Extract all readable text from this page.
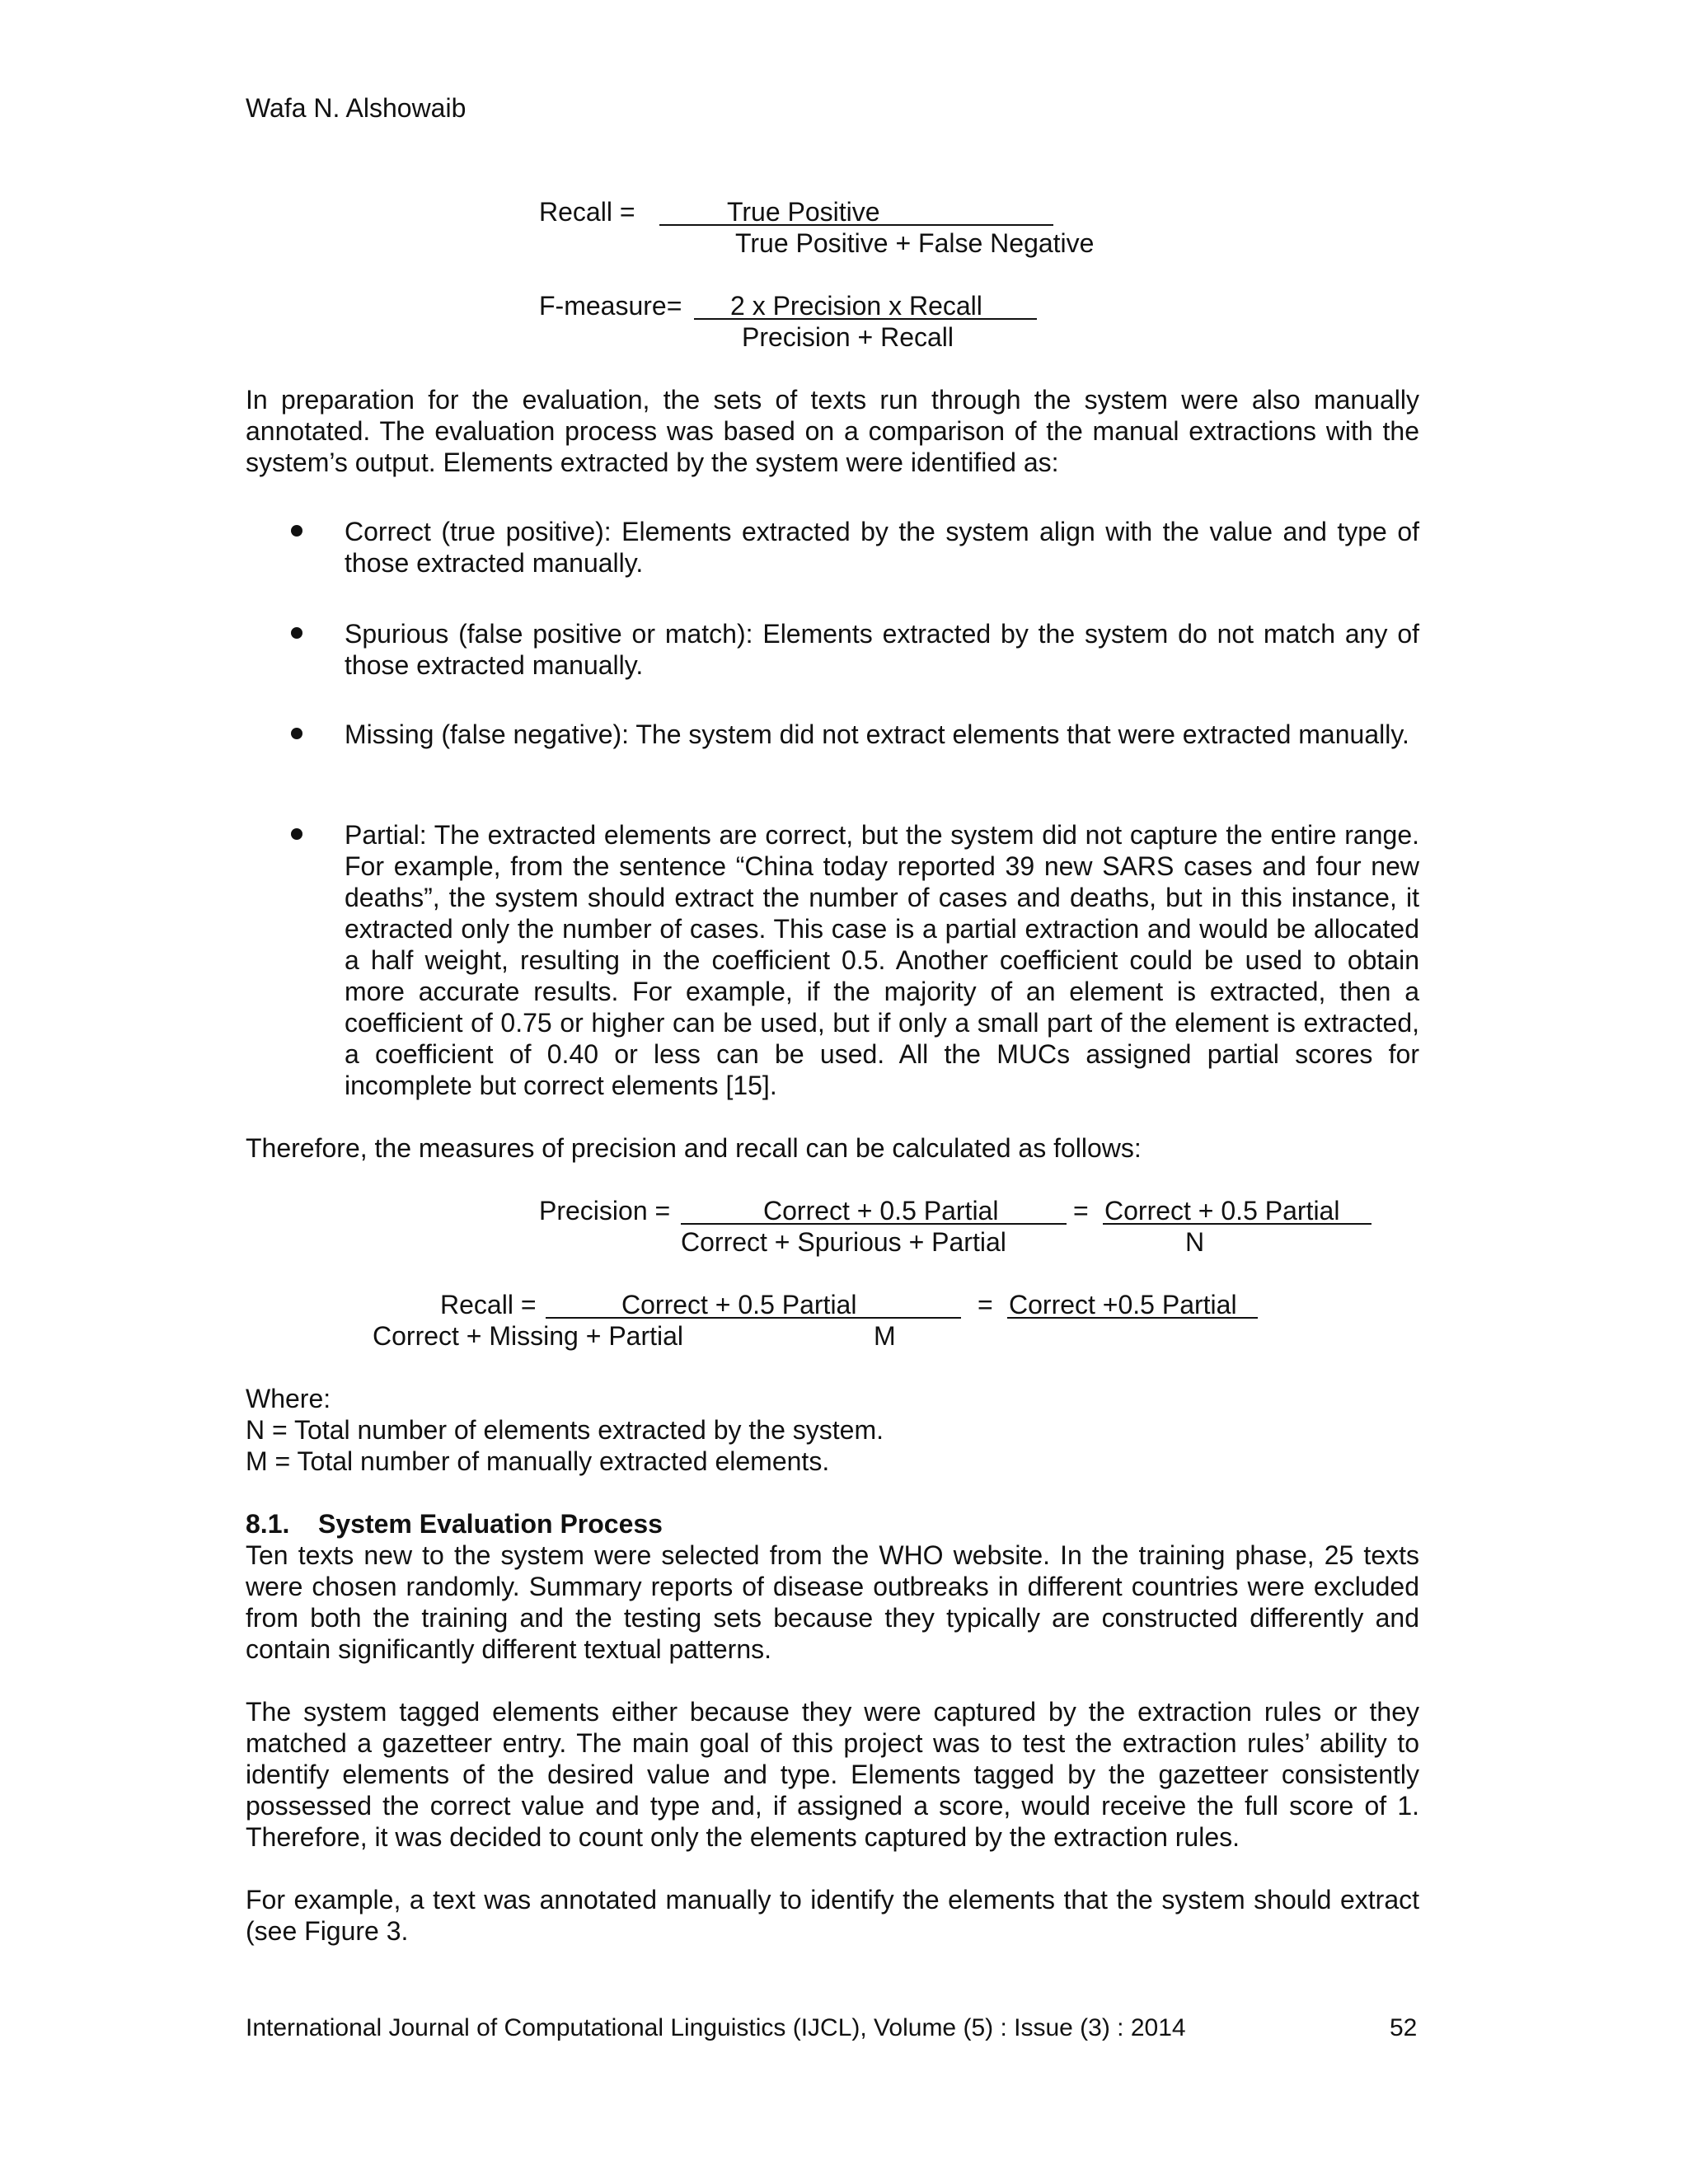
Wafa N. Alshowaib
Recall =	True Positive
True Positive + False Negative
F-measure= 2 x Precision x Recall
Precision + Recall
In preparation for the evaluation, the sets of texts run through the system were also manually annotated. The evaluation process was based on a comparison of the manual extractions with the system’s output. Elements extracted by the system were identified as:
Correct (true positive): Elements extracted by the system align with the value and type of those extracted manually.
Spurious (false positive or match): Elements extracted by the system do not match any of those extracted manually.
Missing (false negative): The system did not extract elements that were extracted manually.
Partial: The extracted elements are correct, but the system did not capture the entire range. For example, from the sentence “China today reported 39 new SARS cases and four new deaths”, the system should extract the number of cases and deaths, but in this instance, it extracted only the number of cases. This case is a partial extraction and would be allocated a half weight, resulting in the coefficient 0.5. Another coefficient could be used to obtain more accurate results. For example, if the majority of an element is extracted, then a coefficient of 0.75 or higher can be used, but if only a small part of the element is extracted, a coefficient of 0.40 or less can be used. All the MUCs assigned partial scores for incomplete but correct elements [15].
Therefore, the measures of precision and recall can be calculated as follows:
Precision =	Correct + 0.5 Partial
Correct + Spurious + Partial
= Correct + 0.5 Partial
N
Recall =	Correct + 0.5 Partial
Correct + Missing + Partial
= Correct +0.5 Partial
M
Where:
N = Total number of elements extracted by the system.
M = Total number of manually extracted elements.
8.1. System Evaluation Process
Ten texts new to the system were selected from the WHO website. In the training phase, 25 texts were chosen randomly. Summary reports of disease outbreaks in different countries were excluded from both the training and the testing sets because they typically are constructed differently and contain significantly different textual patterns.
The system tagged elements either because they were captured by the extraction rules or they matched a gazetteer entry. The main goal of this project was to test the extraction rules’ ability to identify elements of the desired value and type. Elements tagged by the gazetteer consistently possessed the correct value and type and, if assigned a score, would receive the full score of 1. Therefore, it was decided to count only the elements captured by the extraction rules.
For example, a text was annotated manually to identify the elements that the system should extract (see Figure 3.
International Journal of Computational Linguistics (IJCL), Volume (5) : Issue (3) : 2014	52
